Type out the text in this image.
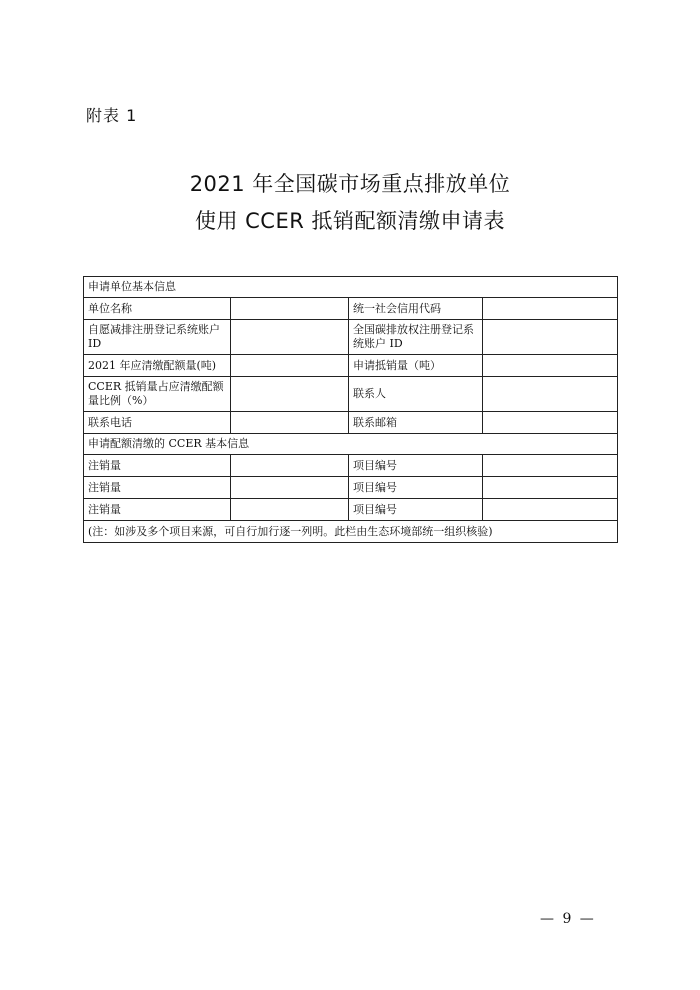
附表 1
2021 年全国碳市场重点排放单位
使用 CCER 抵销配额清缴申请表
申请单位基本信息			
单位名称		统一社会信用代码	
自愿减排注册登记系统账户 ID		全国碳排放权注册登记系统账户 ID	
2021 年应清缴配额量(吨)		申请抵销量（吨）	
CCER 抵销量占应清缴配额量比例（%）		联系人	
联系电话		联系邮箱	
申请配额清缴的 CCER 基本信息			
注销量		项目编号	
注销量		项目编号	
注销量		项目编号	
(注：如涉及多个项目来源，可自行加行逐一列明。此栏由生态环境部统一组织核验)			
— 9 —
